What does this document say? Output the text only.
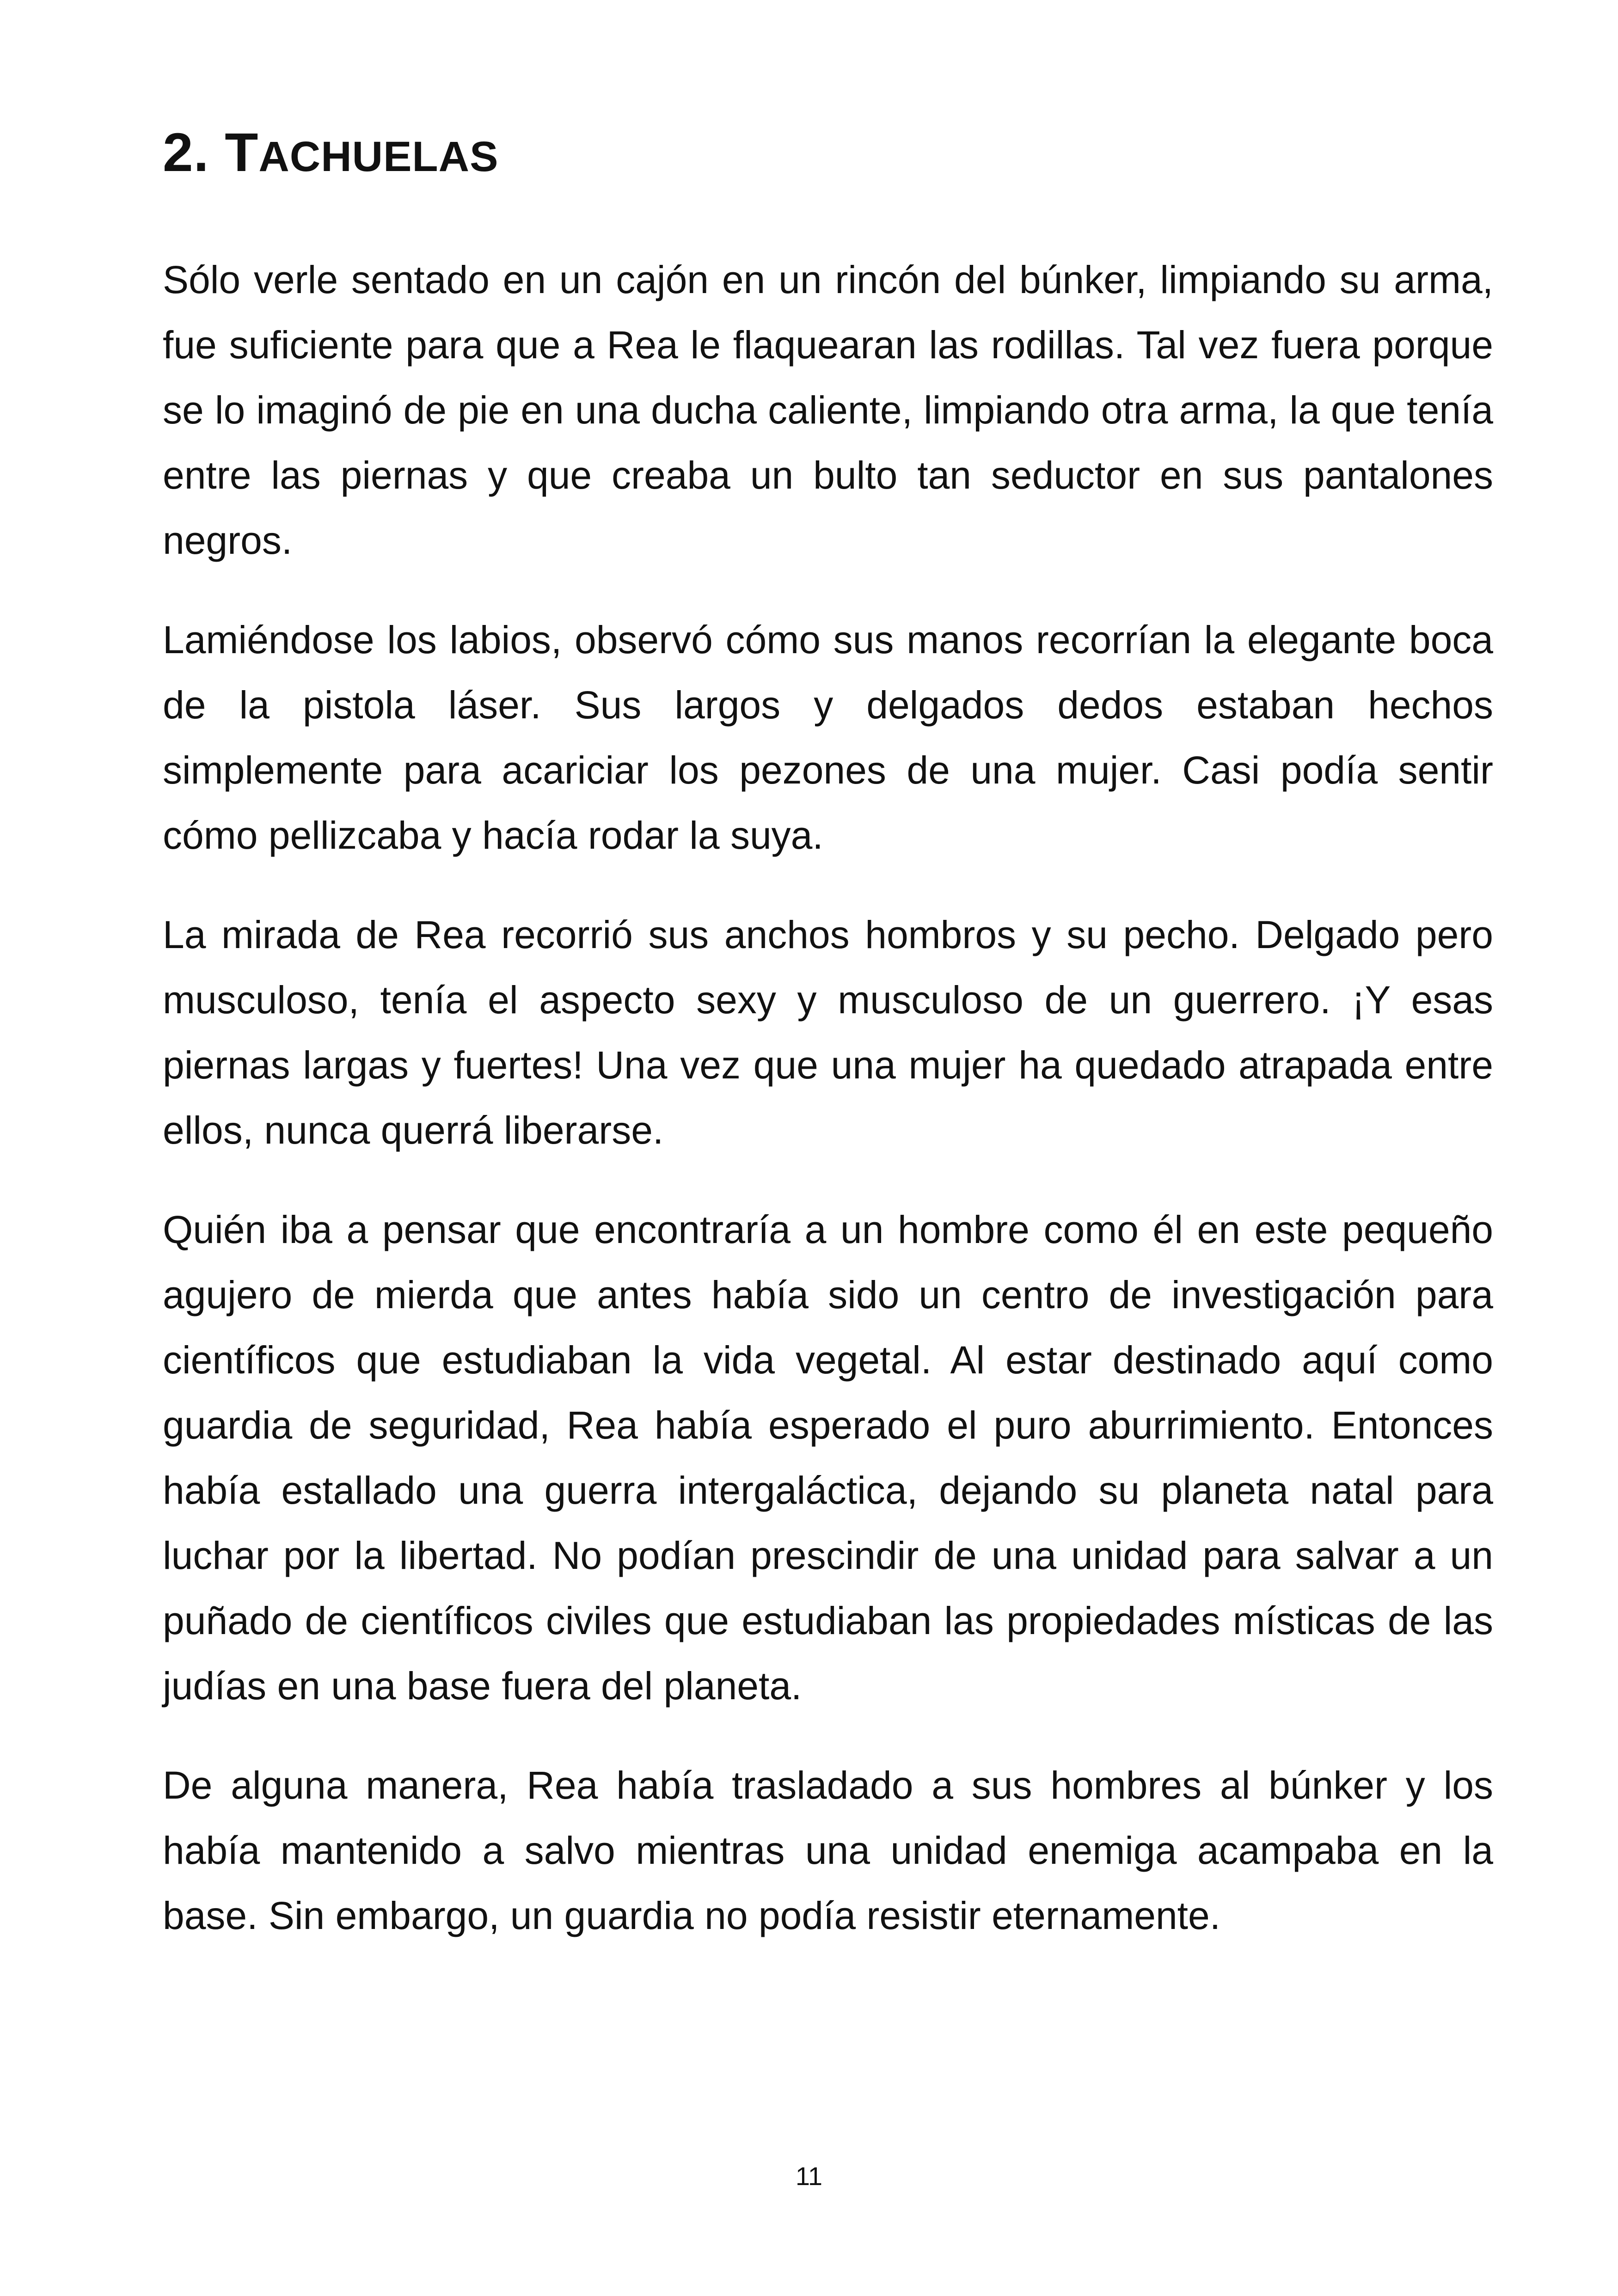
2. TACHUELAS

Sólo verle sentado en un cajón en un rincón del búnker, limpiando su arma, fue suficiente para que a Rea le flaquearan las rodillas. Tal vez fuera porque se lo imaginó de pie en una ducha caliente, limpiando otra arma, la que tenía entre las piernas y que creaba un bulto tan seductor en sus pantalones negros.

Lamiéndose los labios, observó cómo sus manos recorrían la elegante boca de la pistola láser. Sus largos y delgados dedos estaban hechos simplemente para acariciar los pezones de una mujer. Casi podía sentir cómo pellizcaba y hacía rodar la suya.

La mirada de Rea recorrió sus anchos hombros y su pecho. Delgado pero musculoso, tenía el aspecto sexy y musculoso de un guerrero. ¡Y esas piernas largas y fuertes! Una vez que una mujer ha quedado atrapada entre ellos, nunca querrá liberarse.

Quién iba a pensar que encontraría a un hombre como él en este pequeño agujero de mierda que antes había sido un centro de investigación para científicos que estudiaban la vida vegetal. Al estar destinado aquí como guardia de seguridad, Rea había esperado el puro aburrimiento. Entonces había estallado una guerra intergaláctica, dejando su planeta natal para luchar por la libertad. No podían prescindir de una unidad para salvar a un puñado de científicos civiles que estudiaban las propiedades místicas de las judías en una base fuera del planeta.

De alguna manera, Rea había trasladado a sus hombres al búnker y los había mantenido a salvo mientras una unidad enemiga acampaba en la base. Sin embargo, un guardia no podía resistir eternamente.

11
